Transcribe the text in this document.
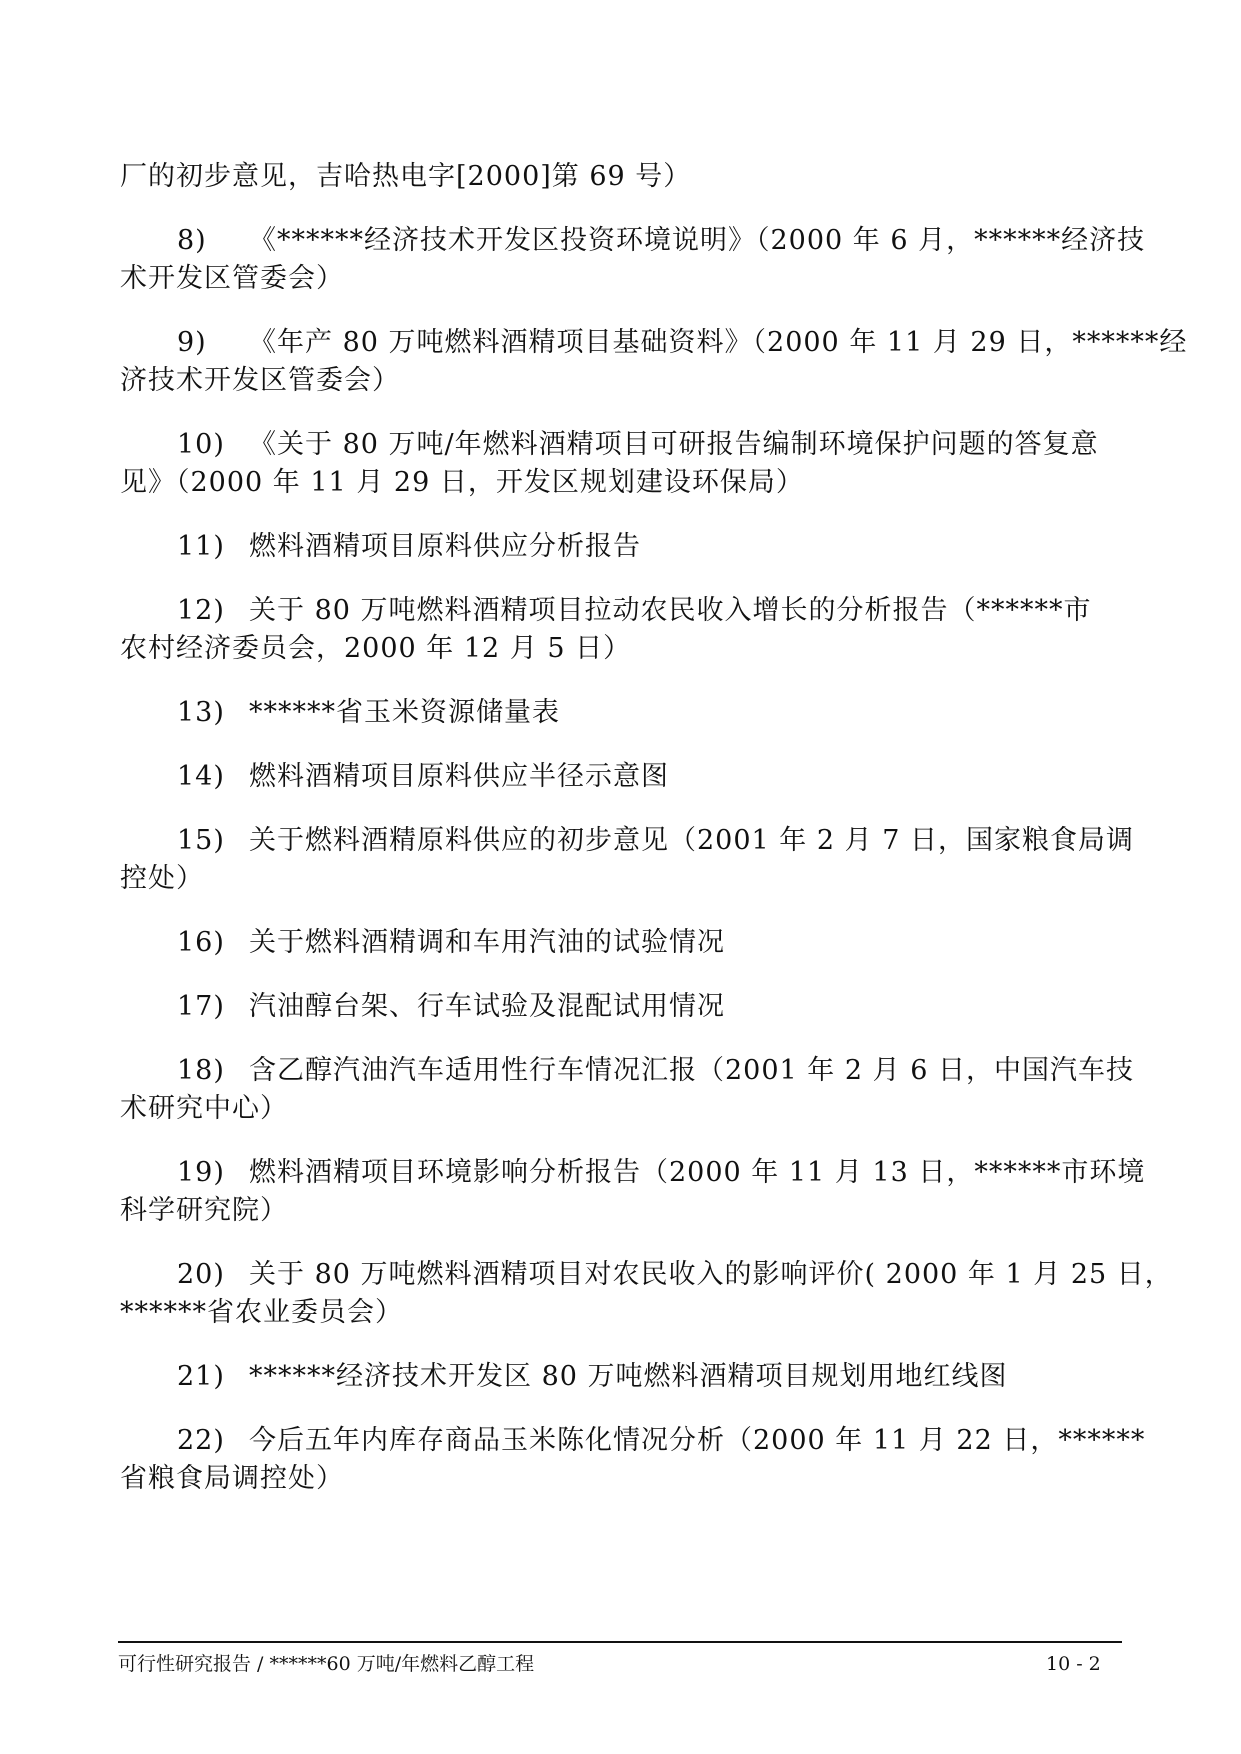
厂的初步意见，吉哈热电字[2000]第 69 号）
8) 《******经济技术开发区投资环境说明》（2000 年 6 月，******经济技
术开发区管委会）
9) 《年产 80 万吨燃料酒精项目基础资料》（2000 年 11 月 29 日，******经
济技术开发区管委会）
10) 《关于 80 万吨/年燃料酒精项目可研报告编制环境保护问题的答复意
见》（2000 年 11 月 29 日，开发区规划建设环保局）
11) 燃料酒精项目原料供应分析报告
12) 关于 80 万吨燃料酒精项目拉动农民收入增长的分析报告（******市
农村经济委员会，2000 年 12 月 5 日）
13) ******省玉米资源储量表
14) 燃料酒精项目原料供应半径示意图
15) 关于燃料酒精原料供应的初步意见（2001 年 2 月 7 日，国家粮食局调
控处）
16) 关于燃料酒精调和车用汽油的试验情况
17) 汽油醇台架、行车试验及混配试用情况
18) 含乙醇汽油汽车适用性行车情况汇报（2001 年 2 月 6 日，中国汽车技
术研究中心）
19) 燃料酒精项目环境影响分析报告（2000 年 11 月 13 日，******市环境
科学研究院）
20) 关于 80 万吨燃料酒精项目对农民收入的影响评价( 2000 年 1 月 25 日，
******省农业委员会）
21) ******经济技术开发区 80 万吨燃料酒精项目规划用地红线图
22) 今后五年内库存商品玉米陈化情况分析（2000 年 11 月 22 日，******
省粮食局调控处）
可行性研究报告 / ******60 万吨/年燃料乙醇工程	10 - 2
